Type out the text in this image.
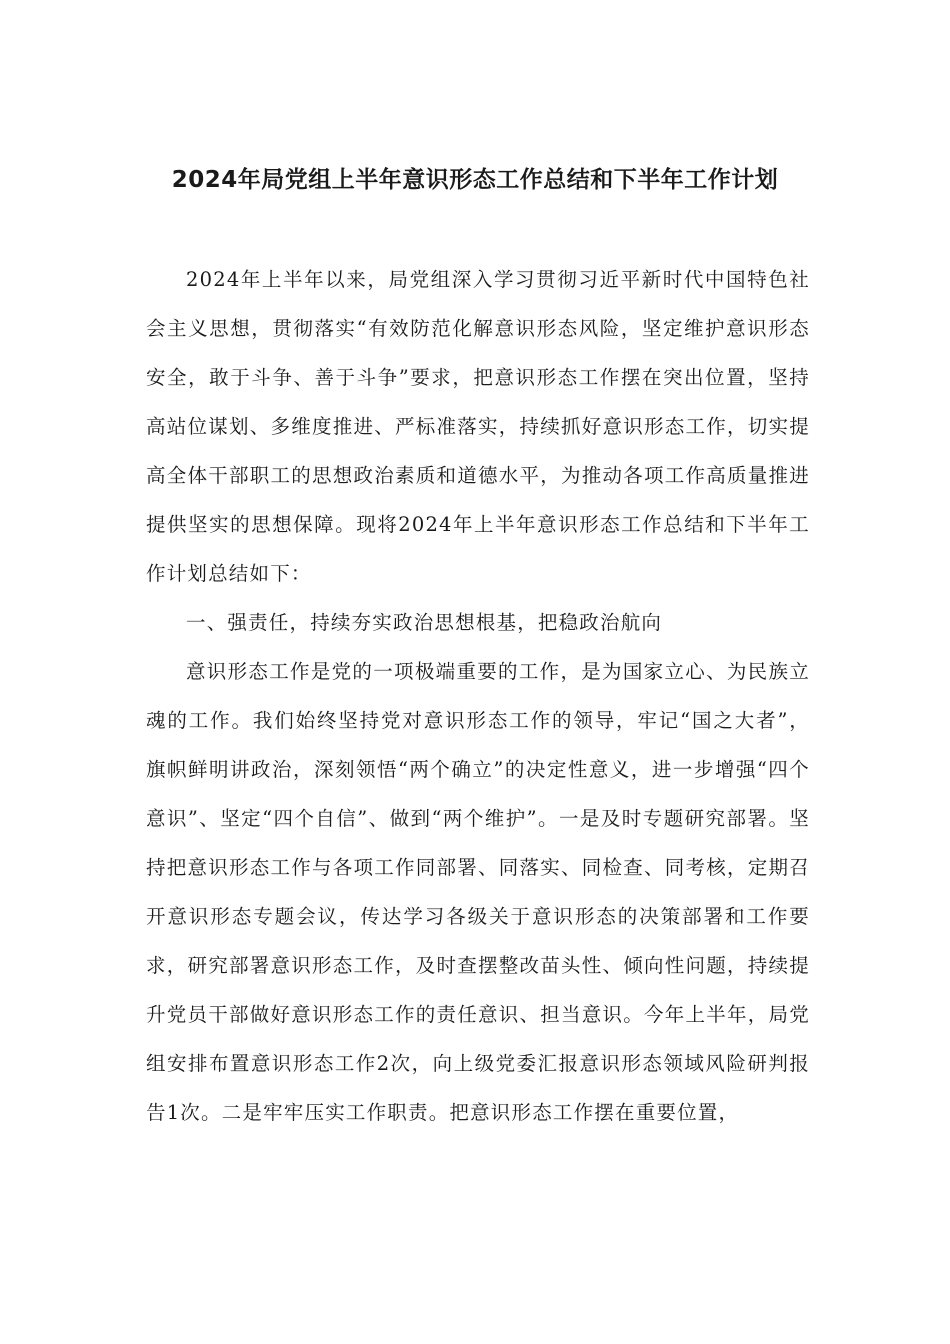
2024年局党组上半年意识形态工作总结和下半年工作计划

2024年上半年以来，局党组深入学习贯彻习近平新时代中国特色社会主义思想，贯彻落实“有效防范化解意识形态风险，坚定维护意识形态安全，敢于斗争、善于斗争”要求，把意识形态工作摆在突出位置，坚持高站位谋划、多维度推进、严标准落实，持续抓好意识形态工作，切实提高全体干部职工的思想政治素质和道德水平，为推动各项工作高质量推进提供坚实的思想保障。现将2024年上半年意识形态工作总结和下半年工作计划总结如下：

一、强责任，持续夯实政治思想根基，把稳政治航向

意识形态工作是党的一项极端重要的工作，是为国家立心、为民族立魂的工作。我们始终坚持党对意识形态工作的领导，牢记“国之大者”，旗帜鲜明讲政治，深刻领悟“两个确立”的决定性意义，进一步增强“四个意识”、坚定“四个自信”、做到“两个维护”。一是及时专题研究部署。坚持把意识形态工作与各项工作同部署、同落实、同检查、同考核，定期召开意识形态专题会议，传达学习各级关于意识形态的决策部署和工作要求，研究部署意识形态工作，及时查摆整改苗头性、倾向性问题，持续提升党员干部做好意识形态工作的责任意识、担当意识。今年上半年，局党组安排布置意识形态工作2次，向上级党委汇报意识形态领域风险研判报告1次。二是牢牢压实工作职责。把意识形态工作摆在重要位置，
